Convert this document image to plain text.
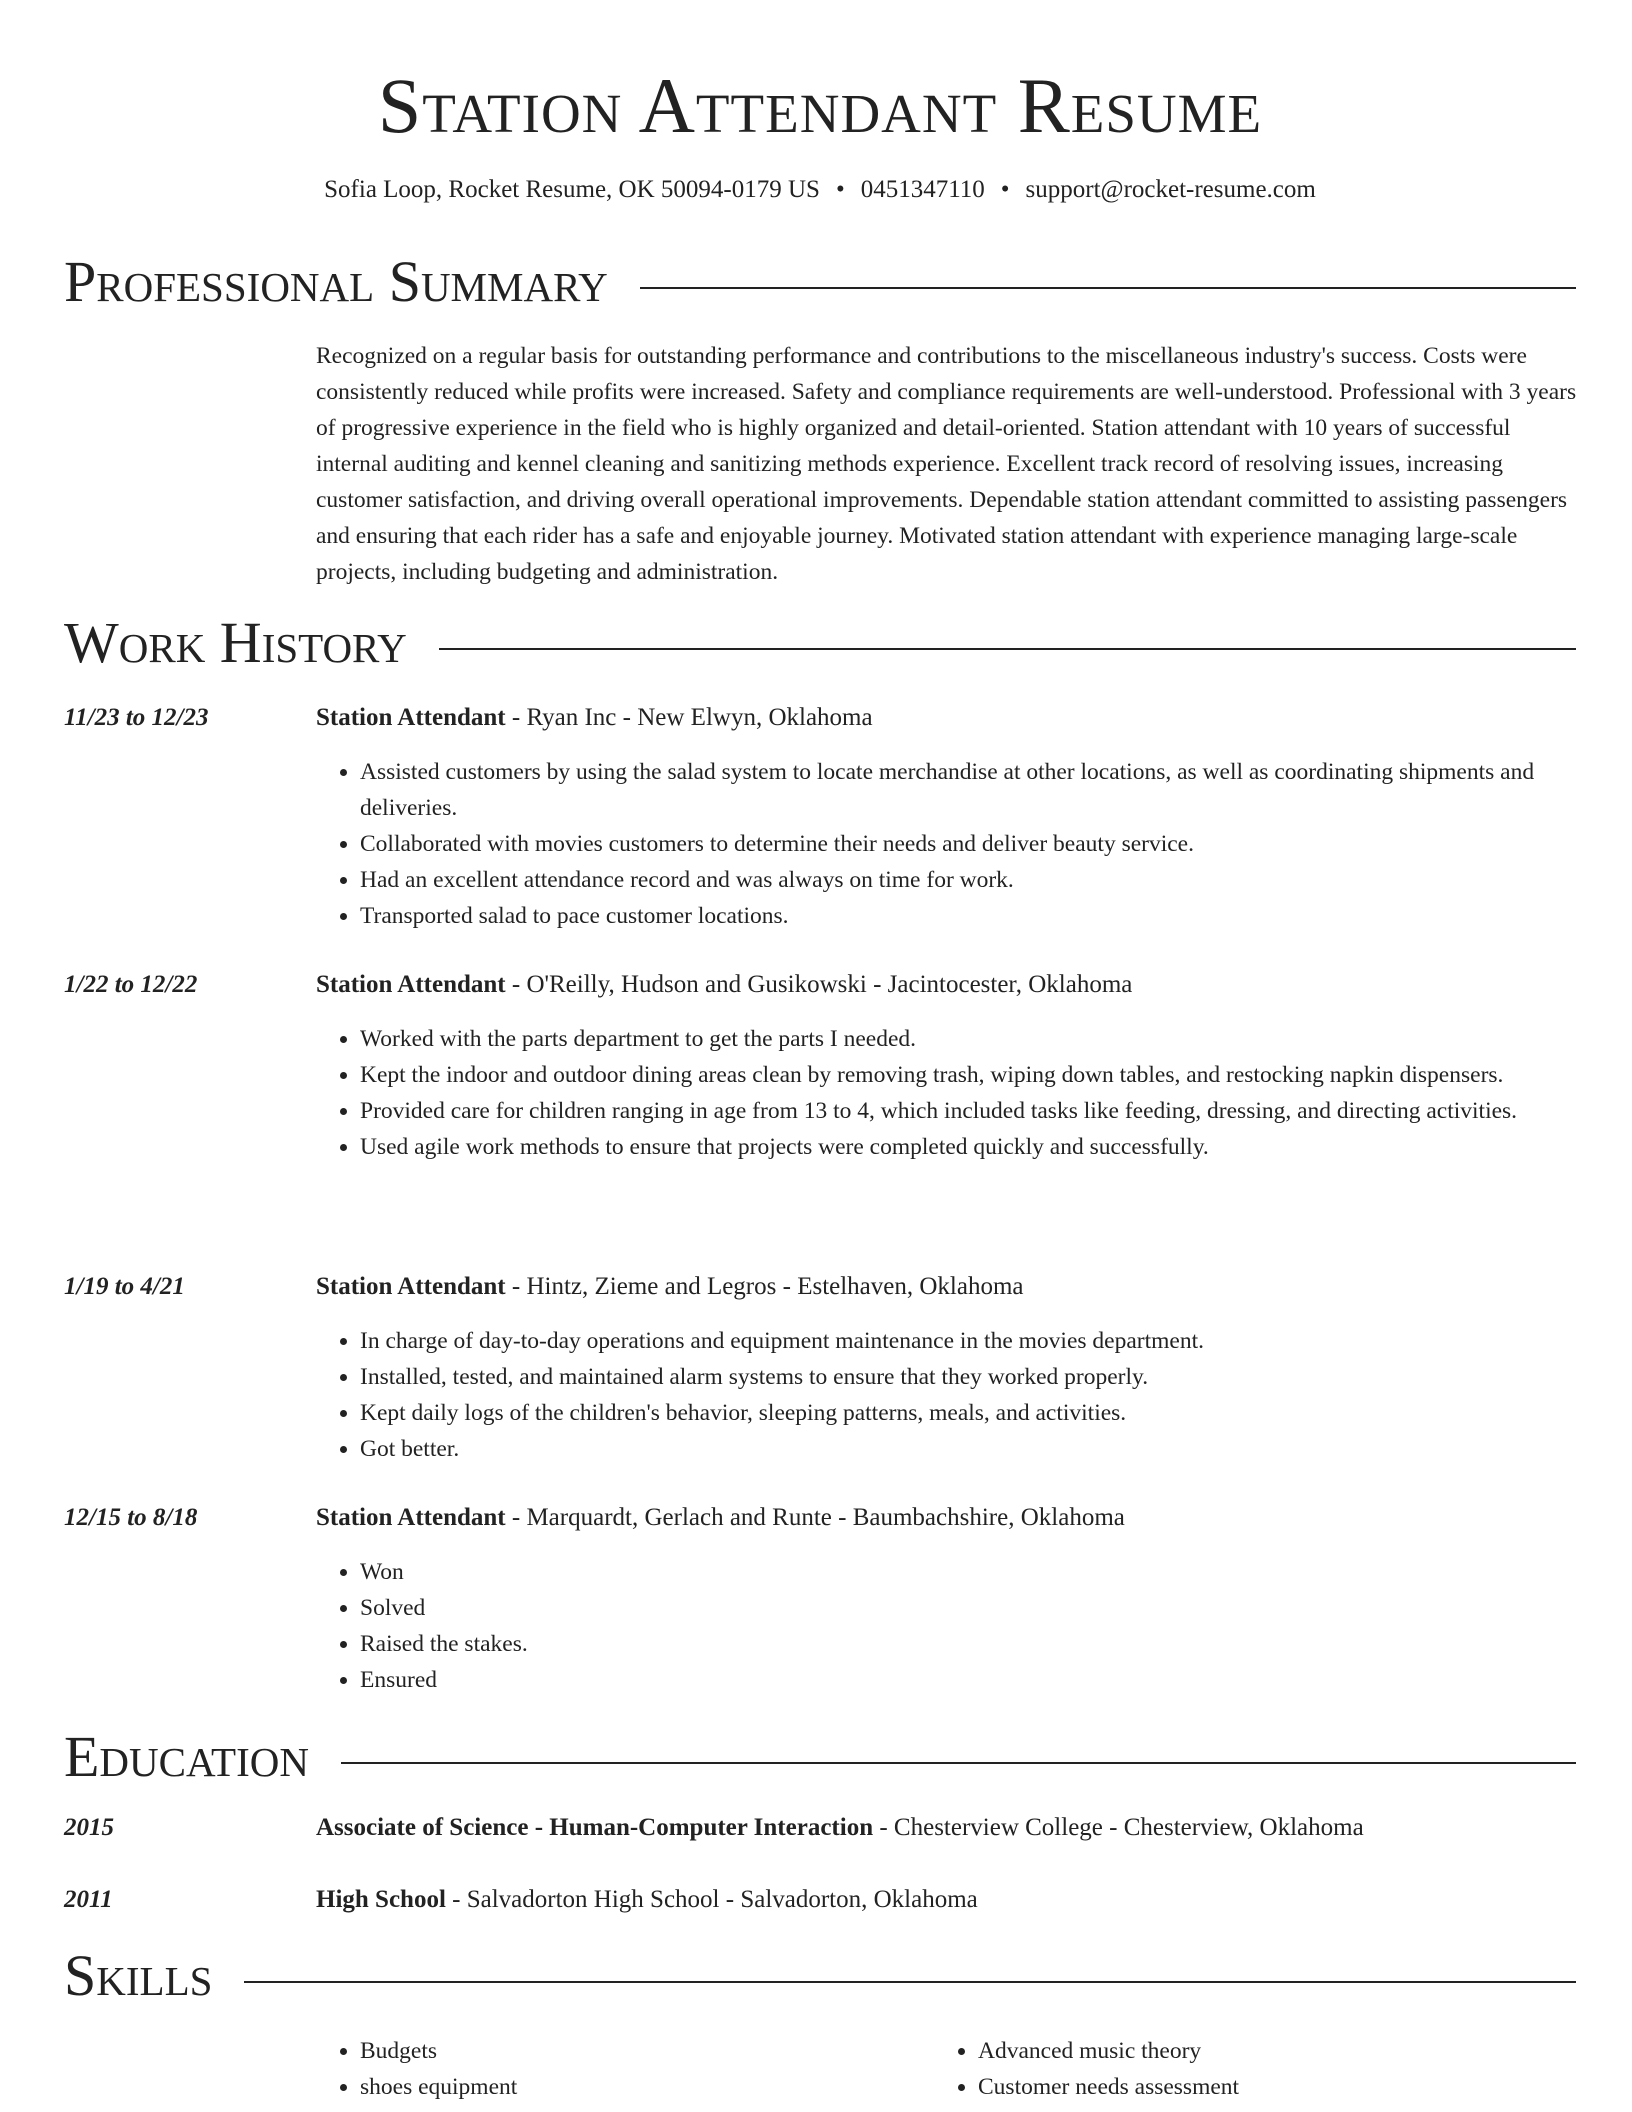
Station Attendant Resume
Sofia Loop, Rocket Resume, OK 50094-0179 US • 0451347110 • support@rocket-resume.com
Professional Summary
Recognized on a regular basis for outstanding performance and contributions to the miscellaneous industry's success. Costs were consistently reduced while profits were increased. Safety and compliance requirements are well-understood. Professional with 3 years of progressive experience in the field who is highly organized and detail-oriented. Station attendant with 10 years of successful internal auditing and kennel cleaning and sanitizing methods experience. Excellent track record of resolving issues, increasing customer satisfaction, and driving overall operational improvements. Dependable station attendant committed to assisting passengers and ensuring that each rider has a safe and enjoyable journey. Motivated station attendant with experience managing large-scale projects, including budgeting and administration.
Work History
11/23 to 12/23	Station Attendant - Ryan Inc - New Elwyn, Oklahoma
• Assisted customers by using the salad system to locate merchandise at other locations, as well as coordinating shipments and deliveries.
• Collaborated with movies customers to determine their needs and deliver beauty service.
• Had an excellent attendance record and was always on time for work.
• Transported salad to pace customer locations.
1/22 to 12/22	Station Attendant - O'Reilly, Hudson and Gusikowski - Jacintocester, Oklahoma
• Worked with the parts department to get the parts I needed.
• Kept the indoor and outdoor dining areas clean by removing trash, wiping down tables, and restocking napkin dispensers.
• Provided care for children ranging in age from 13 to 4, which included tasks like feeding, dressing, and directing activities.
• Used agile work methods to ensure that projects were completed quickly and successfully.
1/19 to 4/21	Station Attendant - Hintz, Zieme and Legros - Estelhaven, Oklahoma
• In charge of day-to-day operations and equipment maintenance in the movies department.
• Installed, tested, and maintained alarm systems to ensure that they worked properly.
• Kept daily logs of the children's behavior, sleeping patterns, meals, and activities.
• Got better.
12/15 to 8/18	Station Attendant - Marquardt, Gerlach and Runte - Baumbachshire, Oklahoma
• Won
• Solved
• Raised the stakes.
• Ensured
Education
2015	Associate of Science - Human-Computer Interaction - Chesterview College - Chesterview, Oklahoma
2011	High School - Salvadorton High School - Salvadorton, Oklahoma
Skills
• Budgets
• shoes equipment
• Advanced music theory
• Customer needs assessment
